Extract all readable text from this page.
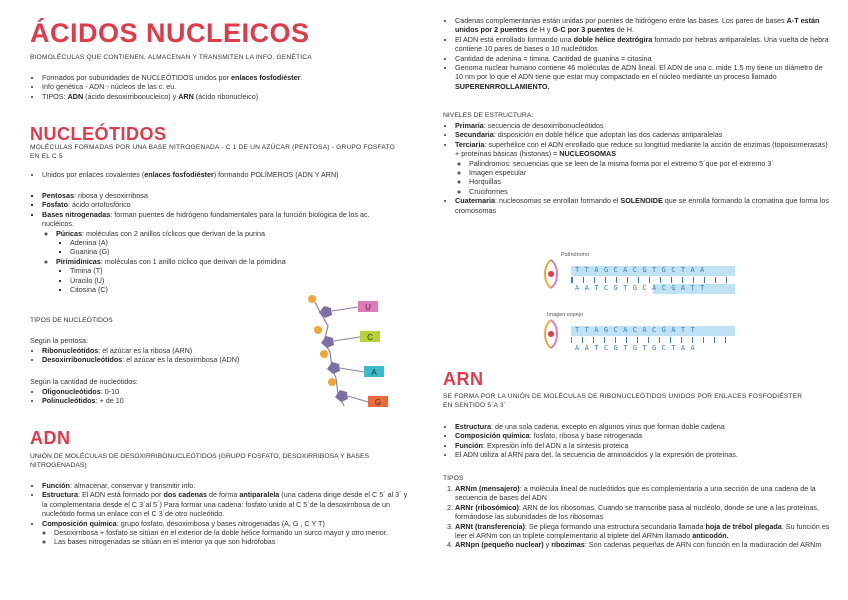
ÁCIDOS NUCLEICOS
BIOMOLÉCULAS QUE CONTIENEN, ALMACENAN Y TRANSMITEN LA INFO. GENÉTICA
• Formados por subunidades de NUCLEÓTIDOS unidos por enlaces fosfodiéster.
• Info genética - ADN - núcleos de las c. eu.
• TIPOS: ADN (ácido desoxirribonucleico) y ARN (ácido ribonucleico)
NUCLEÓTIDOS
MOLÉCULAS FORMADAS POR UNA BASE NITROGENADA - C 1 DE UN AZÚCAR (PENTOSA) - GRUPO FOSFATO EN EL C 5
• Unidos por enlaces covalentes (enlaces fosfodiéster) formando POLÍMEROS (ADN Y ARN)
▪ Pentosas: ribosa y desoxirribosa
▪ Fosfato: ácido ortofosfórico
▪ Bases nitrogenadas: forman puentes de hidrógeno fundamentales para la función biológica de los ac. nucléicos.
◦ Púricas: moléculas con 2 anillos cíclicos que derivan de la purina
▪ Adenina (A)
▪ Guanina (G)
◦ Pirimidínicas: moléculas con 1 anillo cíclico que derivan de la primidina
▪ Timina (T)
▪ Uracilo (U)
▪ Citosina (C)
TIPOS DE NUCLEÓTIDOS
Según la pentosa:
• Ribonucleótidos: el azúcar es la ribosa (ARN)
• Desoxirribonucleótidos: el azúcar es la desoxirribosa (ADN)
Según la cantidad de nucleótidos:
• Oligonucleótidos: 0-10
• Polinucleótidos: + de 10
U
C
A
G
ADN
UNIÓN DE MOLÉCULAS DE DESOXIRRIBONUCLEÓTIDOS (GRUPO FOSFATO, DESOXIRRIBOSA Y BASES NITROGENADAS)
• Función: almacenar, conservar y transmitir info.
• Estructura: El ADN está formado por dos cadenas de forma antiparalela (una cadena dirige desde el C 5´ al 3´ y la complementaria desde el C 3´al 5´) Para formar una cadena: fosfato unido al C 5´de la desoxirribosa de un nucleótido forma un enlace con el C 3´de otro nucleótido.
• Composición química: grupo fosfato, desoxirribosa y bases nitrogenadas (A, G , C Y T)
◦ Desoxirribosa + fosfato se sitúan en el exterior de la doble hélice formando un surco mayor y otro menor.
◦ Las bases nitrogenadas se sitúan en el interior ya que son hidrófobas
• Cadenas complementarias están unidas por puentes de hidrógeno entre las bases. Los pares de bases A-T están unidos por 2 puentes de H y G-C por 3 puentes de H.
• El ADN está enrollado formando una doble hélice dextrógira formado por hebras antiparalelas. Una vuelta de hebra contiene 10 pares de bases o 10 nucleótidos
• Cantidad de adenina = timina. Cantidad de guanina = citosina
• Genoma nuclear humano contiene 46 moléculas de ADN lineal. El ADN de una c. mide 1.5 my tiene un diámetro de 10 nm por lo que el ADN tiene que estar muy compactado en el núcleo mediante un proceso llamado SUPERENRROLLAMIENTO.
NIVELES DE ESTRUCTURA:
• Primaria: secuencia de desoxirribonucleótidos
• Secundaria: disposición en doble hélice que adoptan las dos cadenas antiparalelas
• Terciaria: superhélice con el ADN enrollado que reduce su longitud mediante la acción de enzimas (topoisomerasas) + proteínas básicas (histonas) = NUCLEOSOMAS
◦ Palindromos: secuencias que se leen de la misma forma por el extremo 5´que por el extremo 3´
◦ Imagen especular
◦ Horquillas
◦ Cruciformes
• Cuaternaria: nucleosomas se enrollan formando el SOLENOIDE que se enrolla formando la cromatina que forma los cromosomas
Palíndromo
T T A G C A C G T G C T A A
A A T C G T G C A C G A T T
Imagen espejo
T T A G C A C A C G A T T
A A T C G T G T G C T A A
ARN
SE FORMA POR LA UNIÓN DE MOLÉCULAS DE RIBONUCLEÓTIDOS UNIDOS POR ENLACES FOSFODIÉSTER EN SENTIDO 5´A 3´
• Estructura: de una sola cadena, excepto en algunos virus que forman doble cadena
• Composición química: fosfato, ribosa y base nitrogenada
• Función: Expresión info del ADN a la síntesis proteica
• El ADN utiliza al ARN para det. la secuencia de aminoácidos y la expresión de proteínas.
TIPOS
1. ARNm (mensajero): a molécula lineal de nucleótidos que es complementaria a una sección de una cadena de la secuencia de bases del ADN
2. ARNr (ribosómico): ARN de los ribosomas. Cuando se transcribe pasa al nucléolo, donde se une a las proteínas, formándose las subunidades de los ribosomas
3. ARNt (transferencia): Se pliega formando una estructura secundaria llamada hoja de trébol plegada. Su función es leer el ARNm con un triplete complementario al triplete del ARNm llamado anticodón.
4. ARNpn (pequeño nuclear) y ribozimas: Son cadenas pequeñas de ARN con función en la maduración del ARNm
